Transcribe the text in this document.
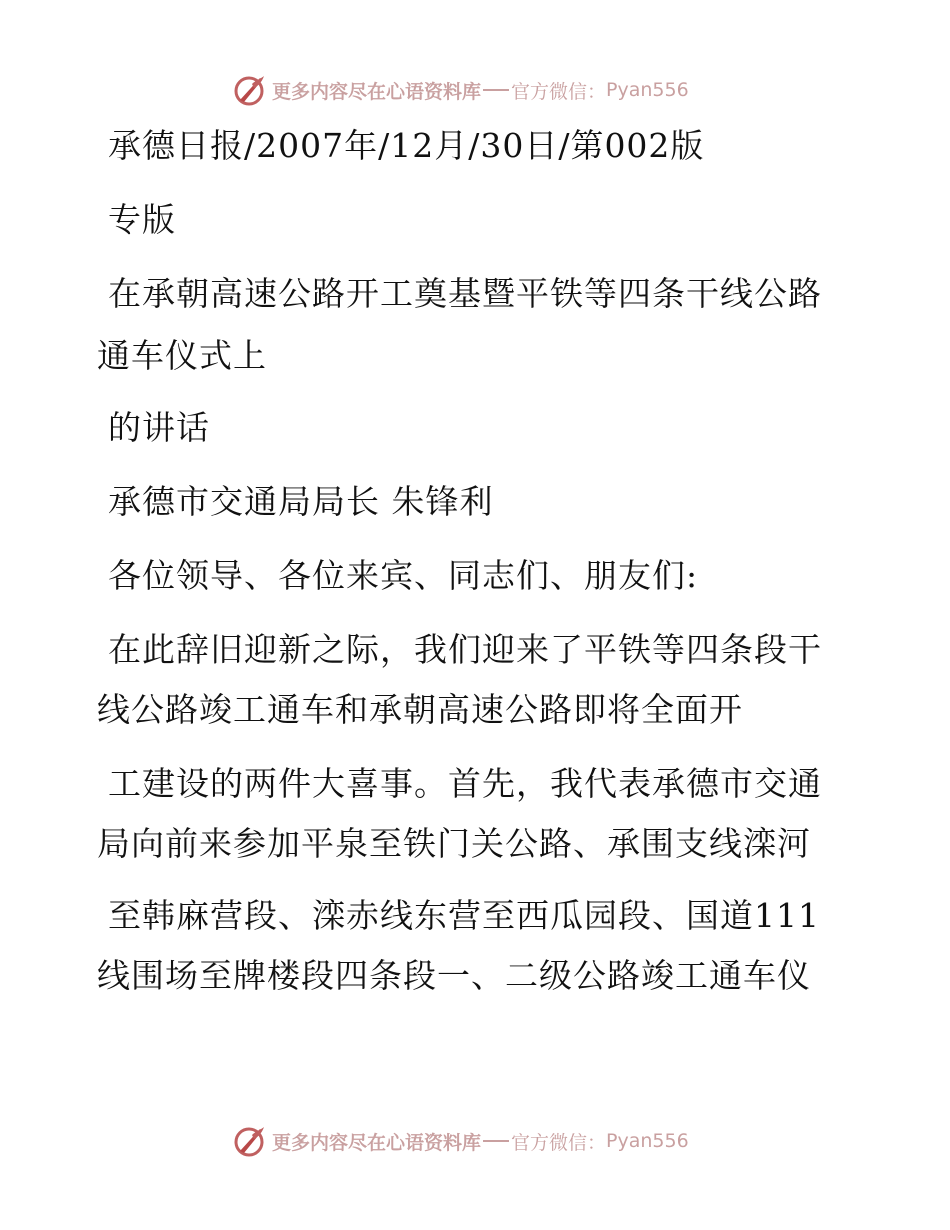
更多内容尽在心语资料库 官方微信： Pyan556
承德日报/2007年/12月/30日/第002版
专版
在承朝高速公路开工奠基暨平铁等四条干线公路
通车仪式上
的讲话
承德市交通局局长 朱锋利
各位领导、各位来宾、同志们、朋友们:
在此辞旧迎新之际，我们迎来了平铁等四条段干
线公路竣工通车和承朝高速公路即将全面开
工建设的两件大喜事。首先，我代表承德市交通
局向前来参加平泉至铁门关公路、承围支线滦河
至韩麻营段、滦赤线东营至西瓜园段、国道111
线围场至牌楼段四条段一、二级公路竣工通车仪
更多内容尽在心语资料库 官方微信： Pyan556
